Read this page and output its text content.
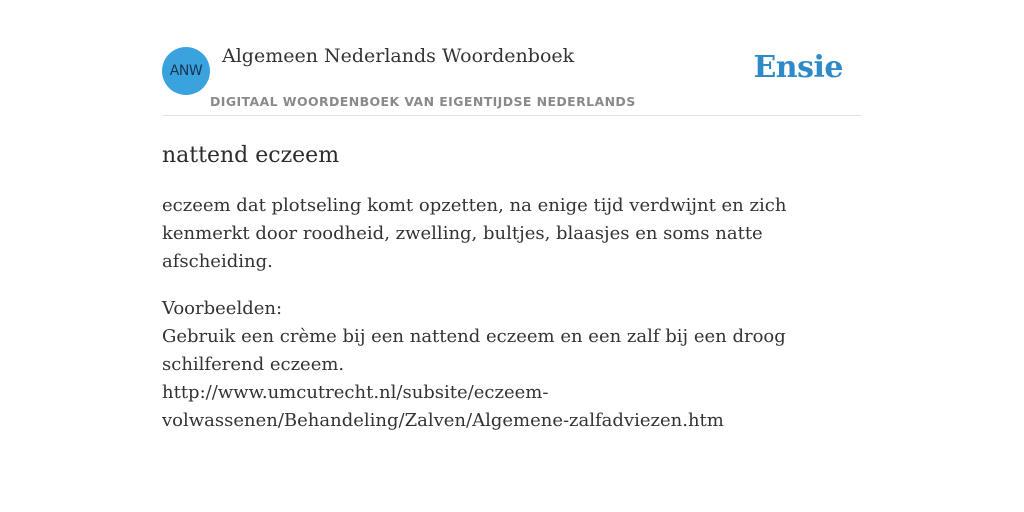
ANW
Algemeen Nederlands Woordenboek
DIGITAAL WOORDENBOEK VAN EIGENTIJDSE NEDERLANDS
Ensie
nattend eczeem

eczeem dat plotseling komt opzetten, na enige tijd verdwijnt en zich kenmerkt door roodheid, zwelling, bultjes, blaasjes en soms natte afscheiding.

Voorbeelden:
Gebruik een crème bij een nattend eczeem en een zalf bij een droog schilferend eczeem.
http://www.umcutrecht.nl/subsite/eczeem-volwassenen/Behandeling/Zalven/Algemene-zalfadviezen.htm
